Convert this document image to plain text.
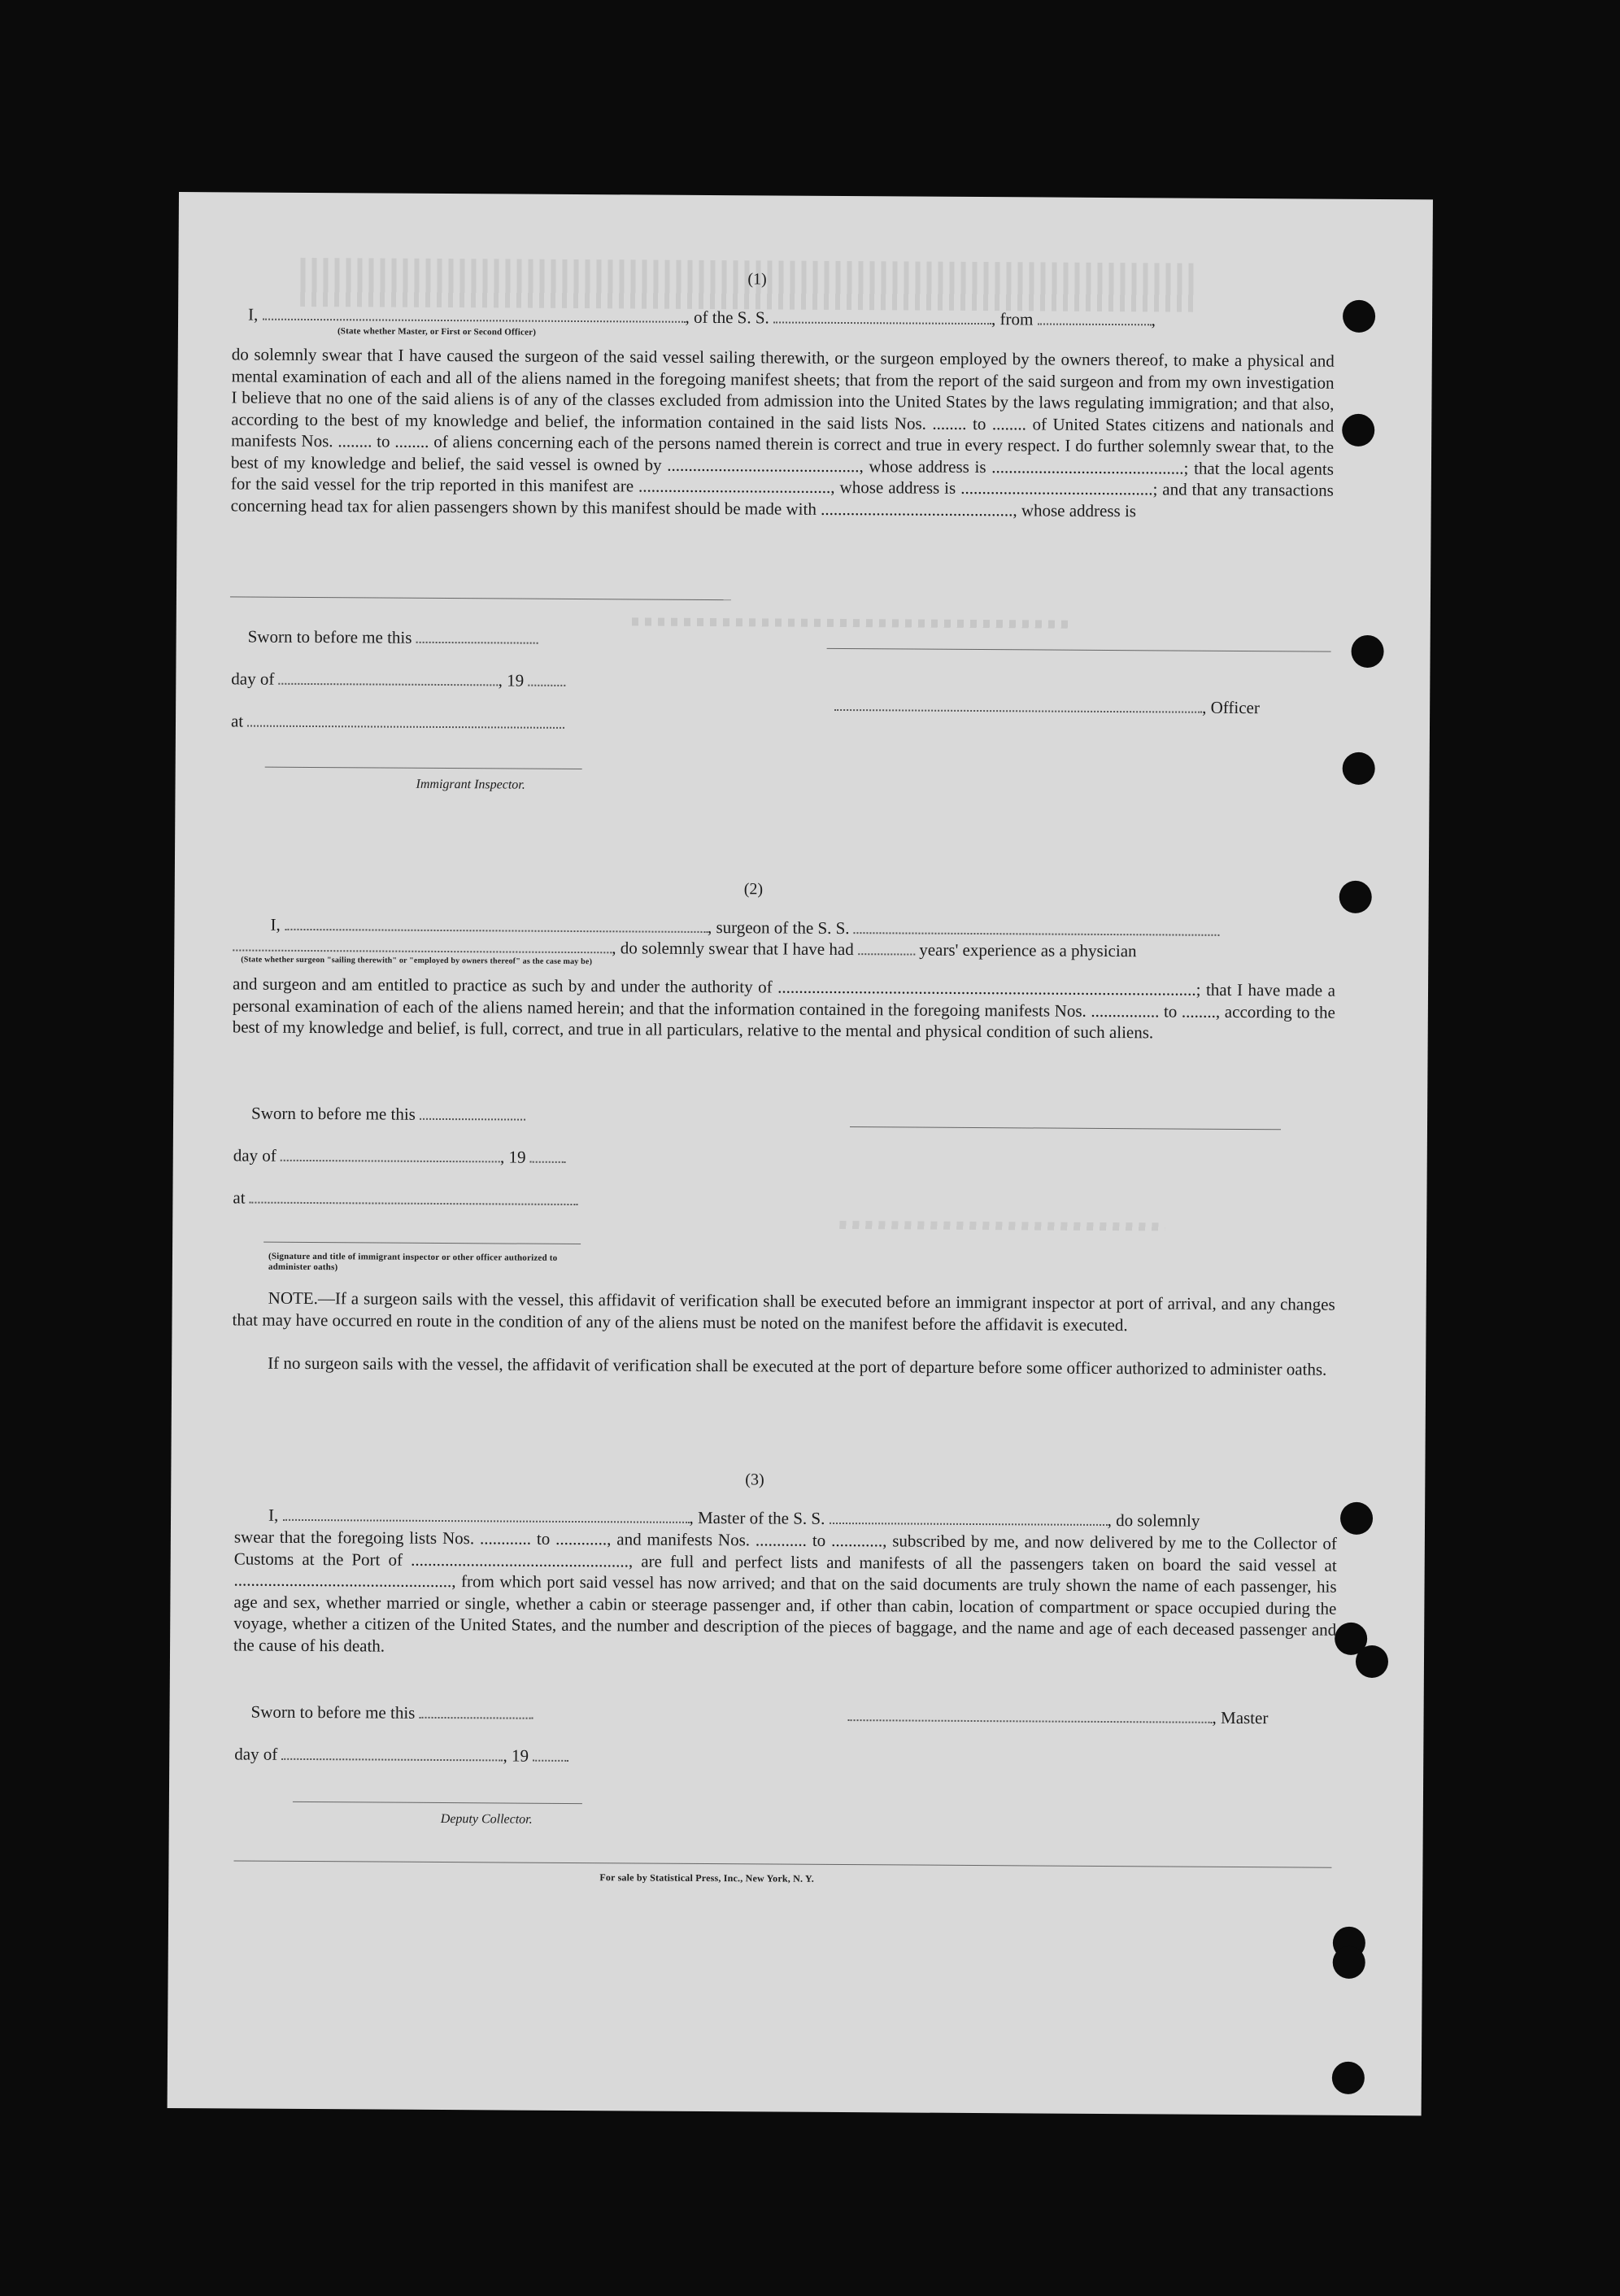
(1)
I,	, of the S. S.	, from	,
(State whether Master, or First or Second Officer)
do solemnly swear that I have caused the surgeon of the said vessel sailing therewith, or the surgeon employed by the owners thereof, to make a physical and mental examination of each and all of the aliens named in the foregoing manifest sheets; that from the report of the said surgeon and from my own investigation I believe that no one of the said aliens is of any of the classes excluded from admission into the United States by the laws regulating immigration; and that also, according to the best of my knowledge and belief, the information contained in the said lists Nos. ........ to ........ of United States citizens and nationals and manifests Nos. ........ to ........ of aliens concerning each of the persons named therein is correct and true in every respect. I do further solemnly swear that, to the best of my knowledge and belief, the said vessel is owned by ............................................., whose address is .............................................; that the local agents for the said vessel for the trip reported in this manifest are ............................................., whose address is .............................................; and that any transactions concerning head tax for alien passengers shown by this manifest should be made with ............................................., whose address is
Sworn to before me this
day of	, 19
at
, Officer
Immigrant Inspector.
(2)
I,	, surgeon of the S. S.
, do solemnly swear that I have had	years' experience as a physician
(State whether surgeon "sailing therewith" or "employed by owners thereof" as the case may be)
and surgeon and am entitled to practice as such by and under the authority of ..................................................................................................; that I have made a personal examination of each of the aliens named herein; and that the information contained in the foregoing manifests Nos. ................ to ........, according to the best of my knowledge and belief, is full, correct, and true in all particulars, relative to the mental and physical condition of such aliens.
Sworn to before me this
day of	, 19
at
(Signature and title of immigrant inspector or other officer authorized to administer oaths)
NOTE.—If a surgeon sails with the vessel, this affidavit of verification shall be executed before an immigrant inspector at port of arrival, and any changes that may have occurred en route in the condition of any of the aliens must be noted on the manifest before the affidavit is executed.
If no surgeon sails with the vessel, the affidavit of verification shall be executed at the port of departure before some officer authorized to administer oaths.
(3)
I,	, Master of the S. S.	, do solemnly
swear that the foregoing lists Nos. ............ to ............, and manifests Nos. ............ to ............, subscribed by me, and now delivered by me to the Collector of Customs at the Port of ..................................................., are full and perfect lists and manifests of all the passengers taken on board the said vessel at ..................................................., from which port said vessel has now arrived; and that on the said documents are truly shown the name of each passenger, his age and sex, whether married or single, whether a cabin or steerage passenger and, if other than cabin, location of compartment or space occupied during the voyage, whether a citizen of the United States, and the number and description of the pieces of baggage, and the name and age of each deceased passenger and the cause of his death.
Sworn to before me this	, Master
day of	, 19
Deputy Collector.
For sale by Statistical Press, Inc., New York, N. Y.
